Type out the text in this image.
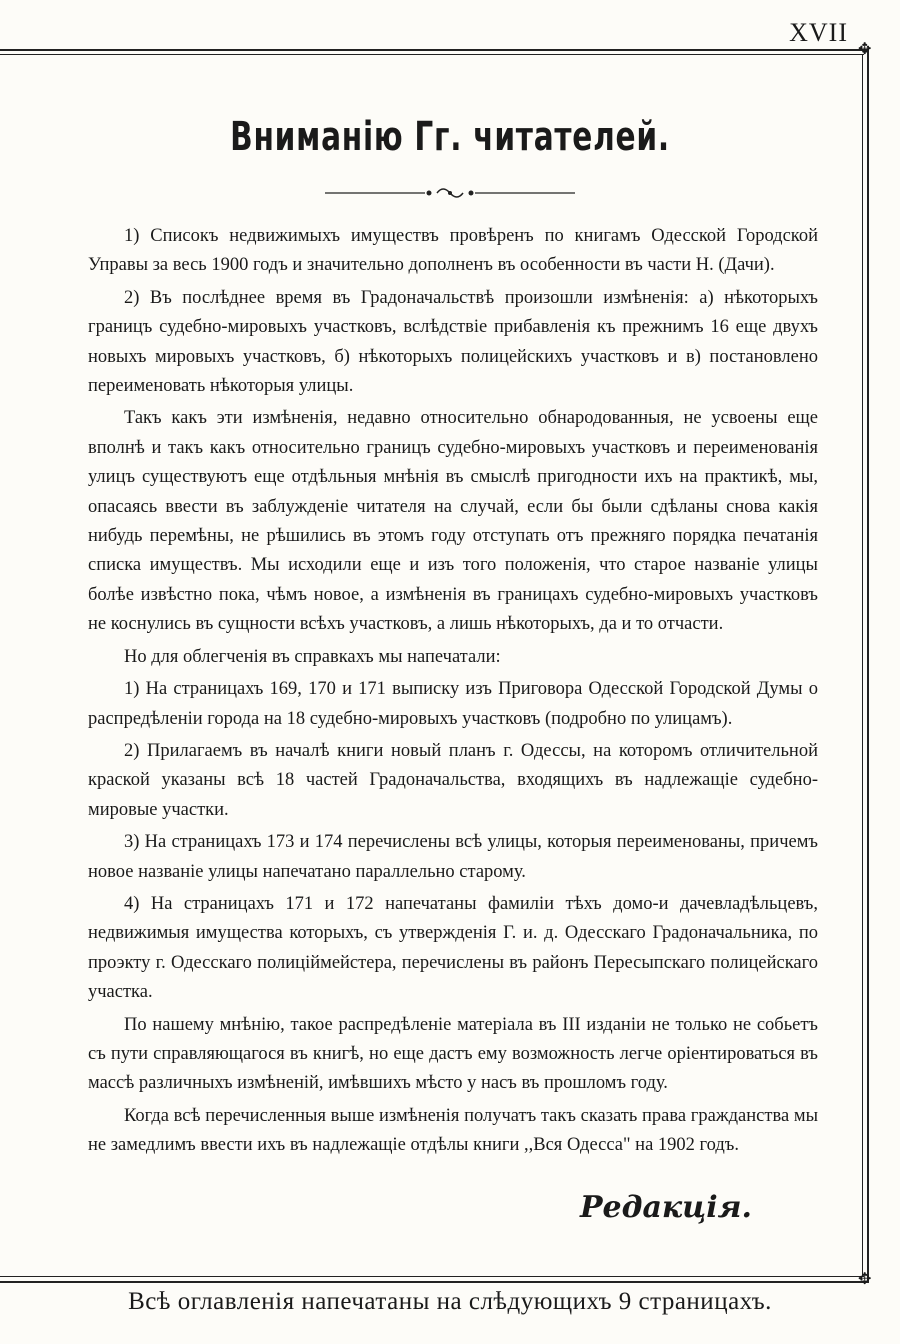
XVII
✥
✥
Вниманію Гг. читателей.

1) Списокъ недвижимыхъ имуществъ провѣренъ по книгамъ Одесской Городской Управы за весь 1900 годъ и значительно дополненъ въ особенности въ части Н. (Дачи).

2) Въ послѣднее время въ Градоначальствѣ произошли измѣненія: а) нѣкоторыхъ границъ судебно-мировыхъ участковъ, вслѣдствіе прибавленія къ прежнимъ 16 еще двухъ новыхъ мировыхъ участковъ, б) нѣкоторыхъ полицейскихъ участковъ и в) постановлено переименовать нѣкоторыя улицы.

Такъ какъ эти измѣненія, недавно относительно обнародованныя, не усвоены еще вполнѣ и такъ какъ относительно границъ судебно-мировыхъ участковъ и переименованія улицъ существуютъ еще отдѣльныя мнѣнія въ смыслѣ пригодности ихъ на практикѣ, мы, опасаясь ввести въ заблужденіе читателя на случай, если бы были сдѣланы снова какія нибудь перемѣны, не рѣшились въ этомъ году отступать отъ прежняго порядка печатанія списка имуществъ. Мы исходили еще и изъ того положенія, что старое названіе улицы болѣе извѣстно пока, чѣмъ новое, а измѣненія въ границахъ судебно-мировыхъ участковъ не коснулись въ сущности всѣхъ участковъ, а лишь нѣкоторыхъ, да и то отчасти.

Но для облегченія въ справкахъ мы напечатали:

1) На страницахъ 169, 170 и 171 выписку изъ Приговора Одесской Городской Думы о распредѣленіи города на 18 судебно-мировыхъ участковъ (подробно по улицамъ).

2) Прилагаемъ въ началѣ книги новый планъ г. Одессы, на которомъ отличительной краской указаны всѣ 18 частей Градоначальства, входящихъ въ надлежащіе судебно-мировые участки.

3) На страницахъ 173 и 174 перечислены всѣ улицы, которыя переименованы, причемъ новое названіе улицы напечатано параллельно старому.

4) На страницахъ 171 и 172 напечатаны фамиліи тѣхъ домо-и дачевладѣльцевъ, недвижимыя имущества которыхъ, съ утвержденія Г. и. д. Одесскаго Градоначальника, по проэкту г. Одесскаго полицiймейстера, перечислены въ районъ Пересыпскаго полицейскаго участка.

По нашему мнѣнію, такое распредѣленіе матеріала въ III изданіи не только не собьетъ съ пути справляющагося въ книгѣ, но еще дастъ ему возможность легче оріентироваться въ массѣ различныхъ измѣненій, имѣвшихъ мѣсто у насъ въ прошломъ году.

Когда всѣ перечисленныя выше измѣненія получатъ такъ сказать права гражданства мы не замедлимъ ввести ихъ въ надлежащіе отдѣлы книги ,,Вся Одесса" на 1902 годъ.

Редакція.
Всѣ оглавленія напечатаны на слѣдующихъ 9 страницахъ.
